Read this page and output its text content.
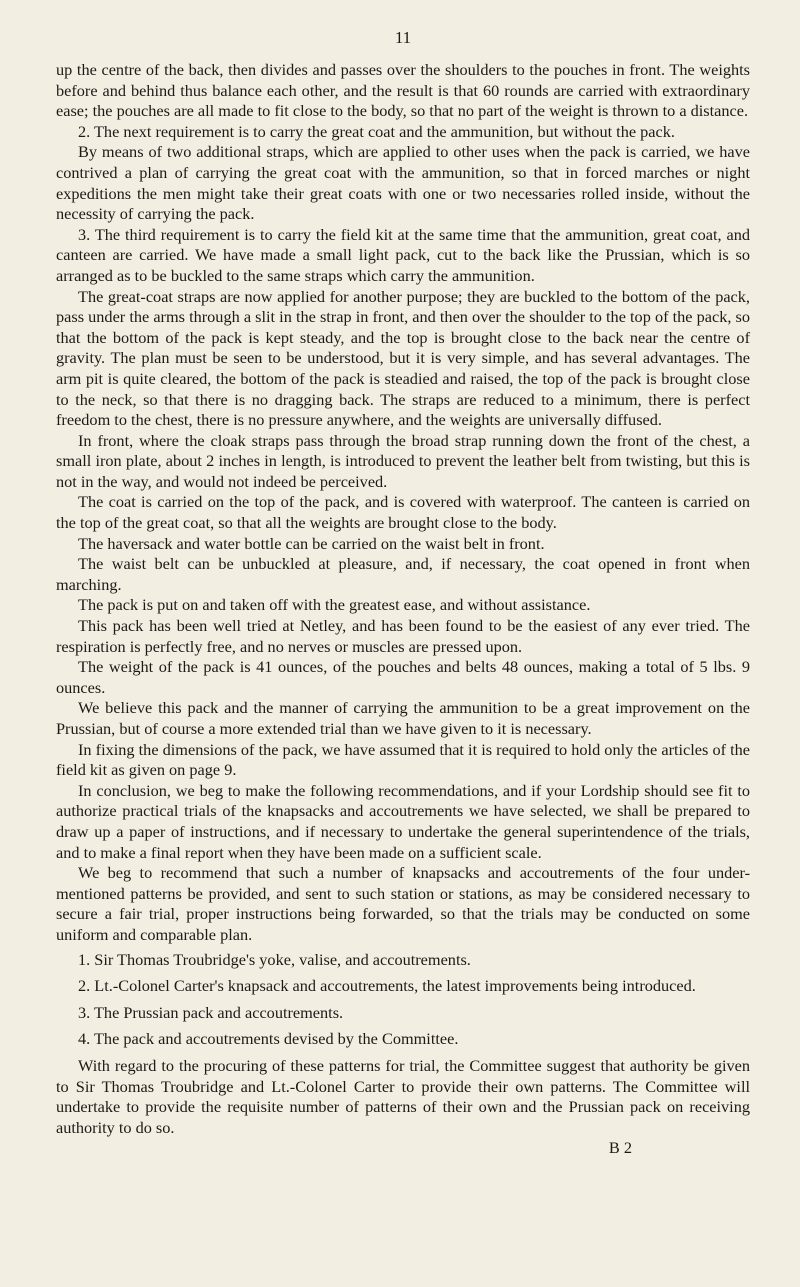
11

up the centre of the back, then divides and passes over the shoulders to the pouches in front. The weights before and behind thus balance each other, and the result is that 60 rounds are carried with extraordinary ease; the pouches are all made to fit close to the body, so that no part of the weight is thrown to a distance.

2. The next requirement is to carry the great coat and the ammunition, but without the pack.

By means of two additional straps, which are applied to other uses when the pack is carried, we have contrived a plan of carrying the great coat with the ammunition, so that in forced marches or night expeditions the men might take their great coats with one or two necessaries rolled inside, without the necessity of carrying the pack.

3. The third requirement is to carry the field kit at the same time that the ammunition, great coat, and canteen are carried. We have made a small light pack, cut to the back like the Prussian, which is so arranged as to be buckled to the same straps which carry the ammunition.

The great-coat straps are now applied for another purpose; they are buckled to the bottom of the pack, pass under the arms through a slit in the strap in front, and then over the shoulder to the top of the pack, so that the bottom of the pack is kept steady, and the top is brought close to the back near the centre of gravity. The plan must be seen to be understood, but it is very simple, and has several advantages. The arm pit is quite cleared, the bottom of the pack is steadied and raised, the top of the pack is brought close to the neck, so that there is no dragging back. The straps are reduced to a minimum, there is perfect freedom to the chest, there is no pressure anywhere, and the weights are universally diffused.

In front, where the cloak straps pass through the broad strap running down the front of the chest, a small iron plate, about 2 inches in length, is introduced to prevent the leather belt from twisting, but this is not in the way, and would not indeed be perceived.

The coat is carried on the top of the pack, and is covered with waterproof. The canteen is carried on the top of the great coat, so that all the weights are brought close to the body.

The haversack and water bottle can be carried on the waist belt in front.

The waist belt can be unbuckled at pleasure, and, if necessary, the coat opened in front when marching.

The pack is put on and taken off with the greatest ease, and without assistance.

This pack has been well tried at Netley, and has been found to be the easiest of any ever tried. The respiration is perfectly free, and no nerves or muscles are pressed upon.

The weight of the pack is 41 ounces, of the pouches and belts 48 ounces, making a total of 5 lbs. 9 ounces.

We believe this pack and the manner of carrying the ammunition to be a great improvement on the Prussian, but of course a more extended trial than we have given to it is necessary.

In fixing the dimensions of the pack, we have assumed that it is required to hold only the articles of the field kit as given on page 9.

In conclusion, we beg to make the following recommendations, and if your Lordship should see fit to authorize practical trials of the knapsacks and accoutrements we have selected, we shall be prepared to draw up a paper of instructions, and if necessary to undertake the general superintendence of the trials, and to make a final report when they have been made on a sufficient scale.

We beg to recommend that such a number of knapsacks and accoutrements of the four under-mentioned patterns be provided, and sent to such station or stations, as may be considered necessary to secure a fair trial, proper instructions being forwarded, so that the trials may be conducted on some uniform and comparable plan.

1. Sir Thomas Troubridge's yoke, valise, and accoutrements.
2. Lt.-Colonel Carter's knapsack and accoutrements, the latest improvements being introduced.
3. The Prussian pack and accoutrements.
4. The pack and accoutrements devised by the Committee.

With regard to the procuring of these patterns for trial, the Committee suggest that authority be given to Sir Thomas Troubridge and Lt.-Colonel Carter to provide their own patterns. The Committee will undertake to provide the requisite number of patterns of their own and the Prussian pack on receiving authority to do so.

B 2
